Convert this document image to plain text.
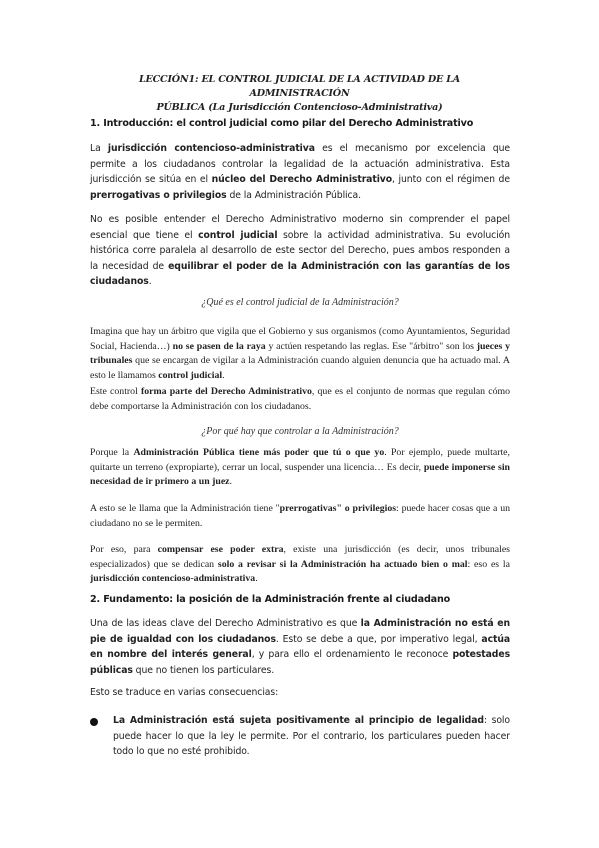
LECCIÓN1: EL CONTROL JUDICIAL DE LA ACTIVIDAD DE LA ADMINISTRACIÓN
PÚBLICA (La Jurisdicción Contencioso-Administrativa)
1. Introducción: el control judicial como pilar del Derecho Administrativo
La jurisdicción contencioso-administrativa es el mecanismo por excelencia que permite a los ciudadanos controlar la legalidad de la actuación administrativa. Esta jurisdicción se sitúa en el núcleo del Derecho Administrativo, junto con el régimen de prerrogativas o privilegios de la Administración Pública.
No es posible entender el Derecho Administrativo moderno sin comprender el papel esencial que tiene el control judicial sobre la actividad administrativa. Su evolución histórica corre paralela al desarrollo de este sector del Derecho, pues ambos responden a la necesidad de equilibrar el poder de la Administración con las garantías de los ciudadanos.
¿Qué es el control judicial de la Administración?
Imagina que hay un árbitro que vigila que el Gobierno y sus organismos (como Ayuntamientos, Seguridad Social, Hacienda…) no se pasen de la raya y actúen respetando las reglas. Ese "árbitro" son los jueces y tribunales que se encargan de vigilar a la Administración cuando alguien denuncia que ha actuado mal. A esto le llamamos control judicial.
Este control forma parte del Derecho Administrativo, que es el conjunto de normas que regulan cómo debe comportarse la Administración con los ciudadanos.
¿Por qué hay que controlar a la Administración?
Porque la Administración Pública tiene más poder que tú o que yo. Por ejemplo, puede multarte, quitarte un terreno (expropiarte), cerrar un local, suspender una licencia… Es decir, puede imponerse sin necesidad de ir primero a un juez.
A esto se le llama que la Administración tiene "prerrogativas" o privilegios: puede hacer cosas que a un ciudadano no se le permiten.
Por eso, para compensar ese poder extra, existe una jurisdicción (es decir, unos tribunales especializados) que se dedican solo a revisar si la Administración ha actuado bien o mal: eso es la jurisdicción contencioso-administrativa.
2. Fundamento: la posición de la Administración frente al ciudadano
Una de las ideas clave del Derecho Administrativo es que la Administración no está en pie de igualdad con los ciudadanos. Esto se debe a que, por imperativo legal, actúa en nombre del interés general, y para ello el ordenamiento le reconoce potestades públicas que no tienen los particulares.
Esto se traduce en varias consecuencias:
La Administración está sujeta positivamente al principio de legalidad: solo puede hacer lo que la ley le permite. Por el contrario, los particulares pueden hacer todo lo que no esté prohibido.
